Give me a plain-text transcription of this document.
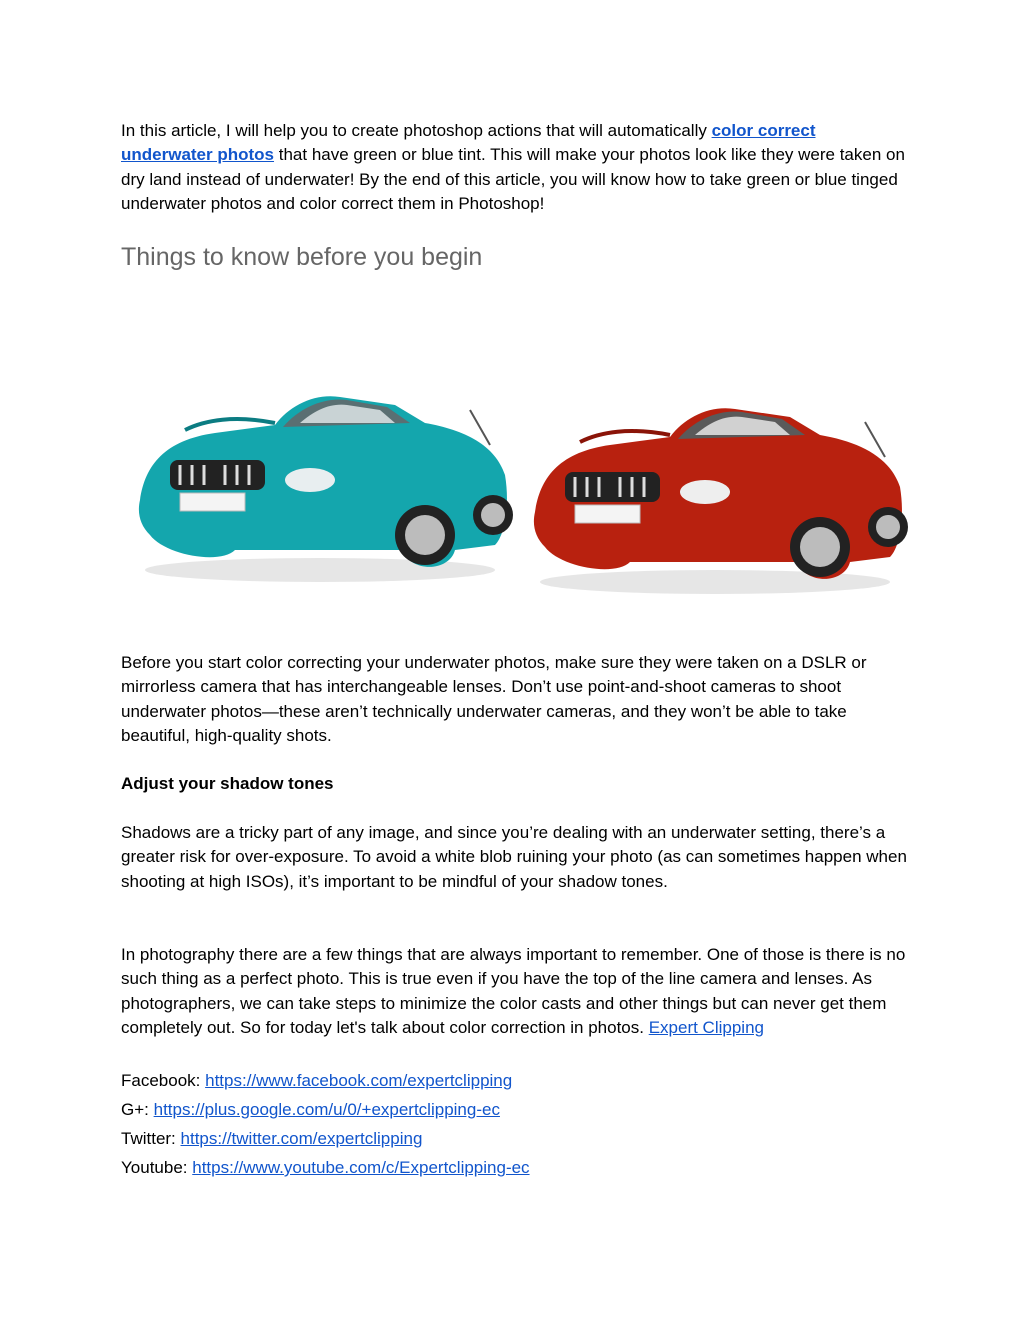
In this article, I will help you to create photoshop actions that will automatically color correct
underwater photos that have green or blue tint. This will make your photos look like they were taken on dry land instead of underwater! By the end of this article, you will know how to take green or blue tinged underwater photos and color correct them in Photoshop!

Things to know before you begin

Before you start color correcting your underwater photos, make sure they were taken on a DSLR or mirrorless camera that has interchangeable lenses. Don’t use point-and-shoot cameras to shoot underwater photos—these aren’t technically underwater cameras, and they won’t be able to take beautiful, high-quality shots.

Adjust your shadow tones

Shadows are a tricky part of any image, and since you’re dealing with an underwater setting, there’s a greater risk for over-exposure. To avoid a white blob ruining your photo (as can sometimes happen when shooting at high ISOs), it’s important to be mindful of your shadow tones.

In photography there are a few things that are always important to remember. One of those is there is no such thing as a perfect photo. This is true even if you have the top of the line camera and lenses. As photographers, we can take steps to minimize the color casts and other things but can never get them completely out. So for today let's talk about color correction in photos. Expert Clipping

Facebook: https://www.facebook.com/expertclipping

G+: https://plus.google.com/u/0/+expertclipping-ec

Twitter: https://twitter.com/expertclipping

Youtube: https://www.youtube.com/c/Expertclipping-ec
